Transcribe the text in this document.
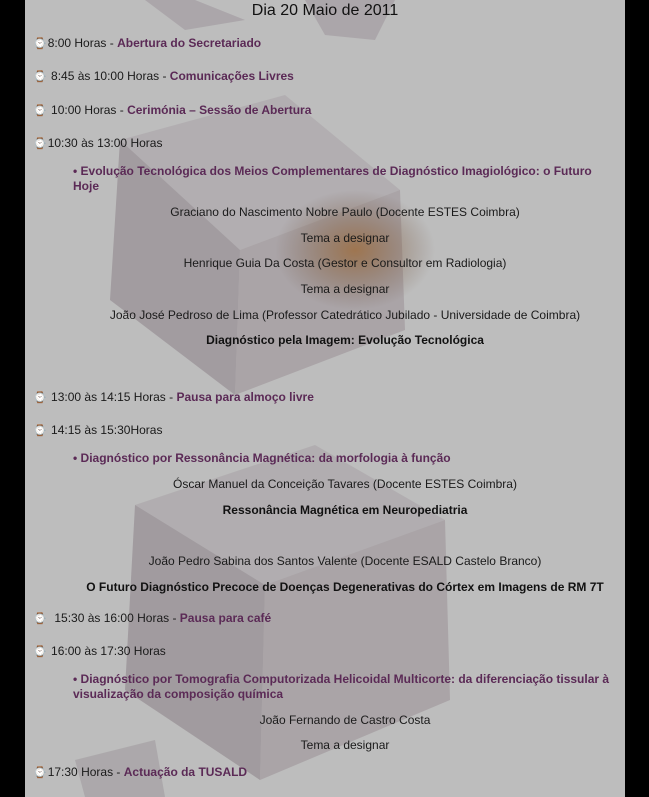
Dia 20 Maio de 2011
⌚8:00 Horas - Abertura do Secretariado
⌚ 8:45 às 10:00 Horas - Comunicações Livres
⌚ 10:00 Horas - Cerimónia – Sessão de Abertura
⌚10:30 às 13:00 Horas
• Evolução Tecnológica dos Meios Complementares de Diagnóstico Imagiológico: o Futuro Hoje
Graciano do Nascimento Nobre Paulo (Docente ESTES Coimbra)
Tema a designar
Henrique Guia Da Costa (Gestor e Consultor em Radiologia)
Tema a designar
João José Pedroso de Lima (Professor Catedrático Jubilado - Universidade de Coimbra)
Diagnóstico pela Imagem: Evolução Tecnológica
⌚ 13:00 às 14:15 Horas - Pausa para almoço livre
⌚ 14:15 às 15:30Horas
• Diagnóstico por Ressonância Magnética: da morfologia à função
Óscar Manuel da Conceição Tavares (Docente ESTES Coimbra)
Ressonância Magnética em Neuropediatria
João Pedro Sabina dos Santos Valente (Docente ESALD Castelo Branco)
O Futuro Diagnóstico Precoce de Doenças Degenerativas do Córtex em Imagens de RM 7T
⌚ 15:30 às 16:00 Horas - Pausa para café
⌚ 16:00 às 17:30 Horas
• Diagnóstico por Tomografia Computorizada Helicoidal Multicorte: da diferenciação tissular à visualização da composição química
João Fernando de Castro Costa
Tema a designar
⌚17:30 Horas - Actuação da TUSALD
